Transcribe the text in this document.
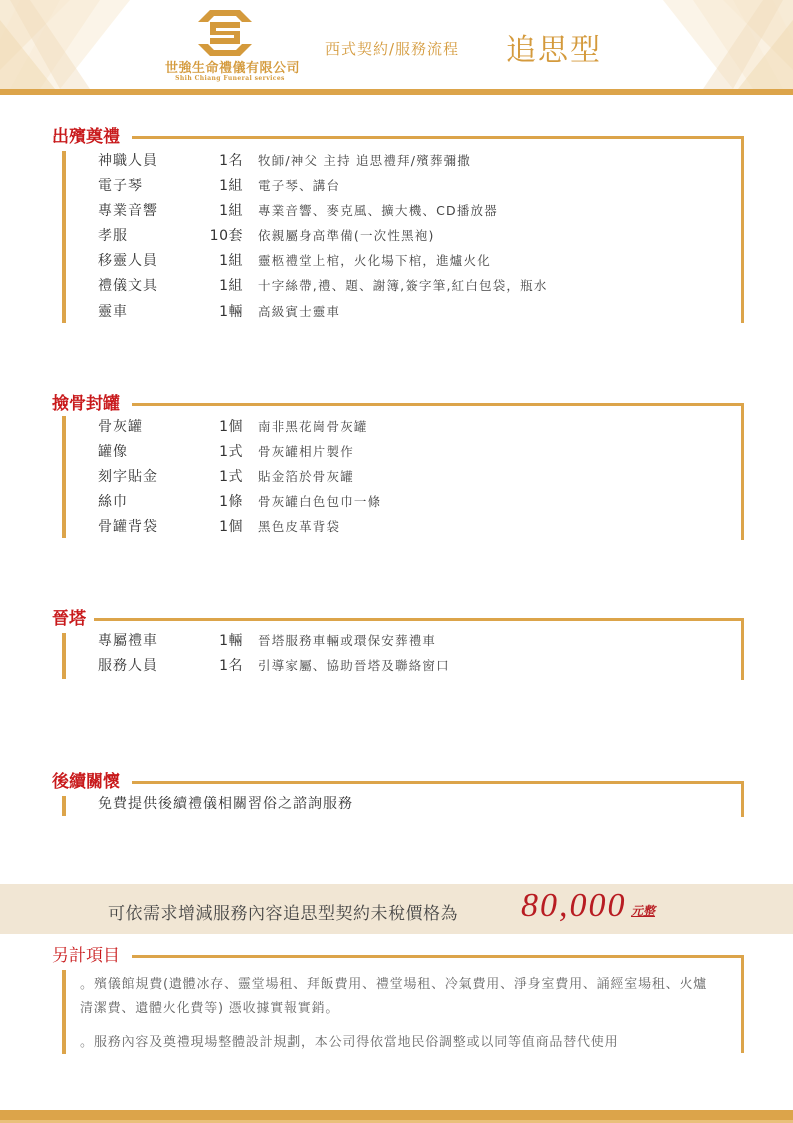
世強生命禮儀有限公司
Shih Chiang Funeral services
西式契約/服務流程 追思型
出殯奠禮
神職人員	1名 牧師/神父 主持 追思禮拜/殯葬彌撒
電子琴	1組 電子琴、講台
專業音響	1組 專業音響、麥克風、擴大機、CD播放器
孝服	10套 依親屬身高準備(一次性黑袍)
移靈人員	1組 靈柩禮堂上棺，火化場下棺，進爐火化
禮儀文具	1組 十字絲帶,禮、題、謝簿,簽字筆,紅白包袋，瓶水
靈車	1輛 高級賓士靈車
撿骨封罐
骨灰罐	1個 南非黑花崗骨灰罐
罐像	1式 骨灰罐相片製作
刻字貼金	1式 貼金箔於骨灰罐
絲巾	1條 骨灰罐白色包巾一條
骨罐背袋	1個 黑色皮革背袋
晉塔
專屬禮車	1輛 晉塔服務車輛或環保安葬禮車
服務人員	1名 引導家屬、協助晉塔及聯絡窗口
後續關懷
免費提供後續禮儀相關習俗之諮詢服務
可依需求增減服務內容追思型契約未稅價格為 80,000 元整
另計項目
。殯儀館規費(遺體冰存、靈堂場租、拜飯費用、禮堂場租、冷氣費用、淨身室費用、誦經室場租、火爐清潔費、遺體火化費等) 憑收據實報實銷。
。服務內容及奠禮現場整體設計規劃，本公司得依當地民俗調整或以同等值商品替代使用
